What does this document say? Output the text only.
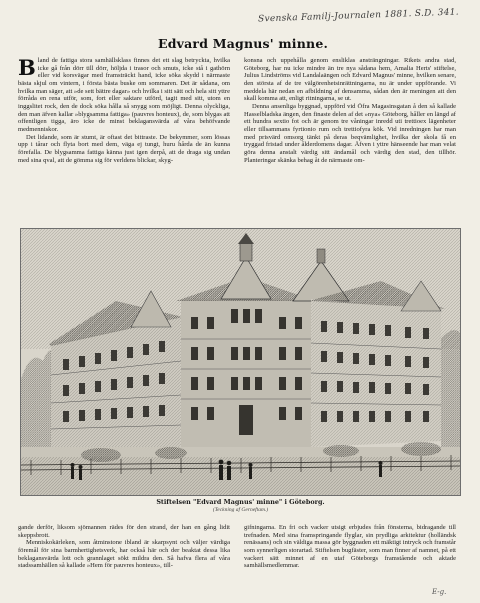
Svenska Familj-Journalen 1881. S.D. 341.
Edvard Magnus' minne.

Bland de fattiga stora samhällsklass finnes det ett slag betryckta, hvilka icke gå från dörr till dörr, höljda i trasor och smuts, icke stå i gathörn eller vid korsvägar med framsträckt hand, icke söka skydd i närmaste bästa skjul om vintern, i första bästa buske om sommaren. Det är sådana, om hvilka man säger, att »de sett bättre dagar» och hvilka i sitt sätt och hela sitt yttre förråda en rena utför, som, fort eller saktare utförd, tagit med sitt, utom en inggslitet rock, den de dock söka hålla så snygg som möjligt. Denna olyckliga, den man äfven kallar »blygsamma fattiga» (pauvres honteux), de, som blygas att offentligen tigga, äro icke de minst beklagansvärda af våra behöfvande medmenniskor.

Det lidande, som är stumt, är oftast det bittraste. De bekymmer, som lössas upp i tårar och flyta bort med dem, väga ej tungt, huru hårda de än kunna förefalla. De blygsamma fattiga känna just igen derpå, att de draga sig undan med sina qval, att de gömma sig för verldens blickar, skyg-

konsna och uppehålla genom ensliklas ansträngningar. Rikets andra stad, Göteborg, har nu icke mindre än tre nya sådana hem, Amalia Herts' stiftelse, Julius Lindströms vid Landalaängen och Edvard Magnus' minne, hvilken senare, den största af de tre välgörenhetsinrättningarna, nu är under uppförande. Vi meddela här nedan en afbildning af densamma, sådan den är meningen att den skall komma att, enligt ritningarna, se ut.

Denna ansenliga byggnad, uppförd vid Öfra Magasinsgatan å den så kallade Hasselbladska ängen, den finaste delen af det »nya» Göteborg, håller en längd af ett hundra sextio fot och är genom tre våningar inredd uti trettioex lägenheter eller tillsammans fyrtionio rum och trettiofyra kök. Vid inredningen har man med prisvärd omsorg tänkt på deras beqvämlighet, hvilka der skola få en tryggad fristad under ålderdomens dagar. Äfven i yttre hänseende har man velat göra denna anstalt värdig sitt ändamål och värdig den stad, den tillhör. Planteringar skänka behag åt de närmaste om-

Stiftelsen "Edvard Magnus' minne" i Göteborg.
(Teckning af Gerneftam.)

gande derför, liksom sjömannen rädes för den strand, der han en gång lidit skeppsbrott.

Menniskokärleken, som åtminstone ibland är skarpsynt och väljer värdiga föremål för sina barmhertighetsverk, har också här och der beaktat dessa lika beklagansvärda lott och grannlaget sökt mildra den. Så hafva flera af våra stadssamhällen så kallade »Hem för pauvres honteux», till-

gifningarna. En fri och vacker utsigt erbjudes från fönsterna, bidragande till trefnaden. Med sina framspringande flyglar, sin prydliga arkitektur (holländsk renässans) och sin väldiga massa gör byggnaden ett mäktigt intryck och framstår som synnerligen storartad. Stiftelsen bugfäster, som man finner af namnet, på ett vackert sätt minnet af en utaf Göteborgs framstående och aktade samhällsmedlemmar.

E-g.
